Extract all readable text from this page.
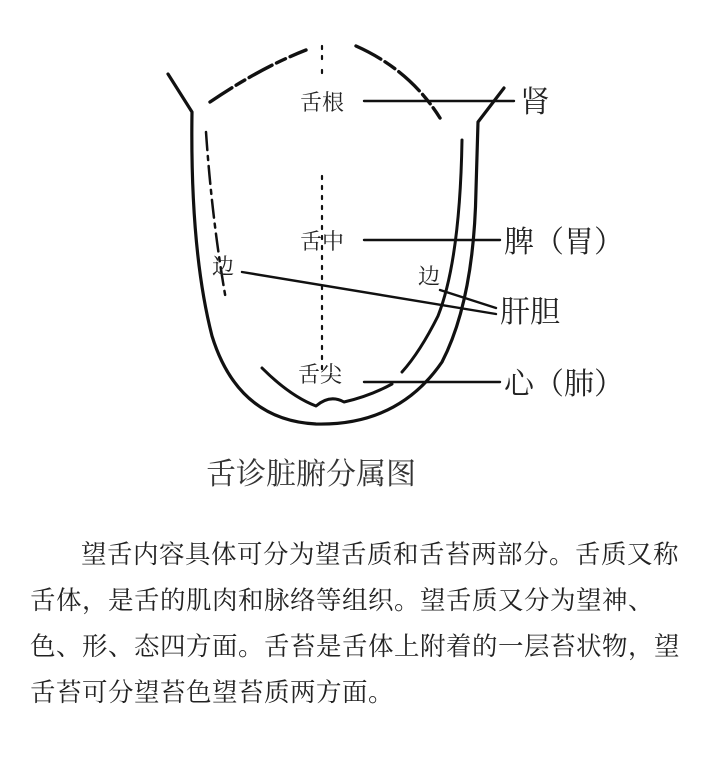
舌根
舌中
边	边
舌尖
肾
脾（胃）
肝胆
心（肺）
舌诊脏腑分属图

望舌内容具体可分为望舌质和舌苔两部分。舌质又称舌体，是舌的肌肉和脉络等组织。望舌质又分为望神、色、形、态四方面。舌苔是舌体上附着的一层苔状物，望舌苔可分望苔色望苔质两方面。
